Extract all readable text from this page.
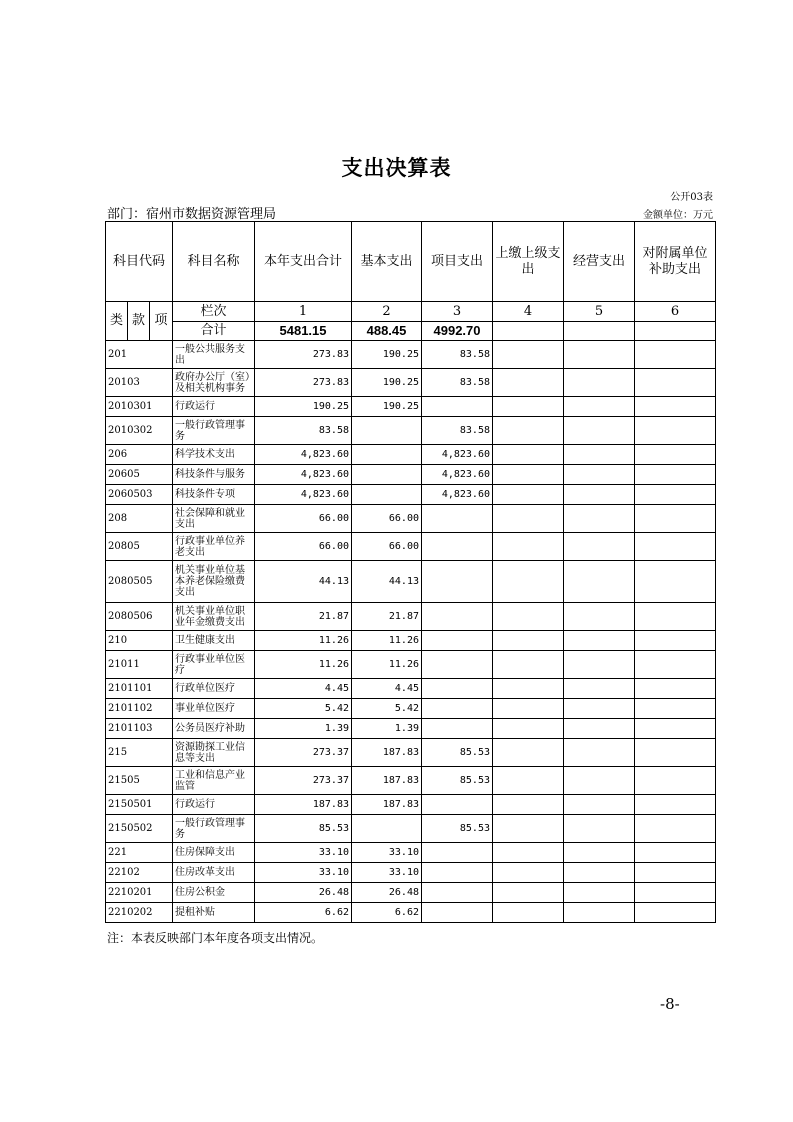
支出决算表
公开03表
部门：宿州市数据资源管理局	金额单位：万元
科目代码			科目名称	本年支出合计	基本支出	项目支出	上缴上级支出	经营支出	对附属单位补助支出
类	款	项	栏次	1	2	3	4	5	6
			合计	5481.15	488.45	4992.70			
201			一般公共服务支出	273.83	190.25	83.58			
20103			政府办公厅（室）及相关机构事务	273.83	190.25	83.58			
2010301			行政运行	190.25	190.25				
2010302			一般行政管理事务	83.58		83.58			
206			科学技术支出	4,823.60		4,823.60			
20605			科技条件与服务	4,823.60		4,823.60			
2060503			科技条件专项	4,823.60		4,823.60			
208			社会保障和就业支出	66.00	66.00				
20805			行政事业单位养老支出	66.00	66.00				
2080505			机关事业单位基本养老保险缴费支出	44.13	44.13				
2080506			机关事业单位职业年金缴费支出	21.87	21.87				
210			卫生健康支出	11.26	11.26				
21011			行政事业单位医疗	11.26	11.26				
2101101			行政单位医疗	4.45	4.45				
2101102			事业单位医疗	5.42	5.42				
2101103			公务员医疗补助	1.39	1.39				
215			资源勘探工业信息等支出	273.37	187.83	85.53			
21505			工业和信息产业监管	273.37	187.83	85.53			
2150501			行政运行	187.83	187.83				
2150502			一般行政管理事务	85.53		85.53			
221			住房保障支出	33.10	33.10				
22102			住房改革支出	33.10	33.10				
2210201			住房公积金	26.48	26.48				
2210202			提租补贴	6.62	6.62				
注：本表反映部门本年度各项支出情况。
-8-
